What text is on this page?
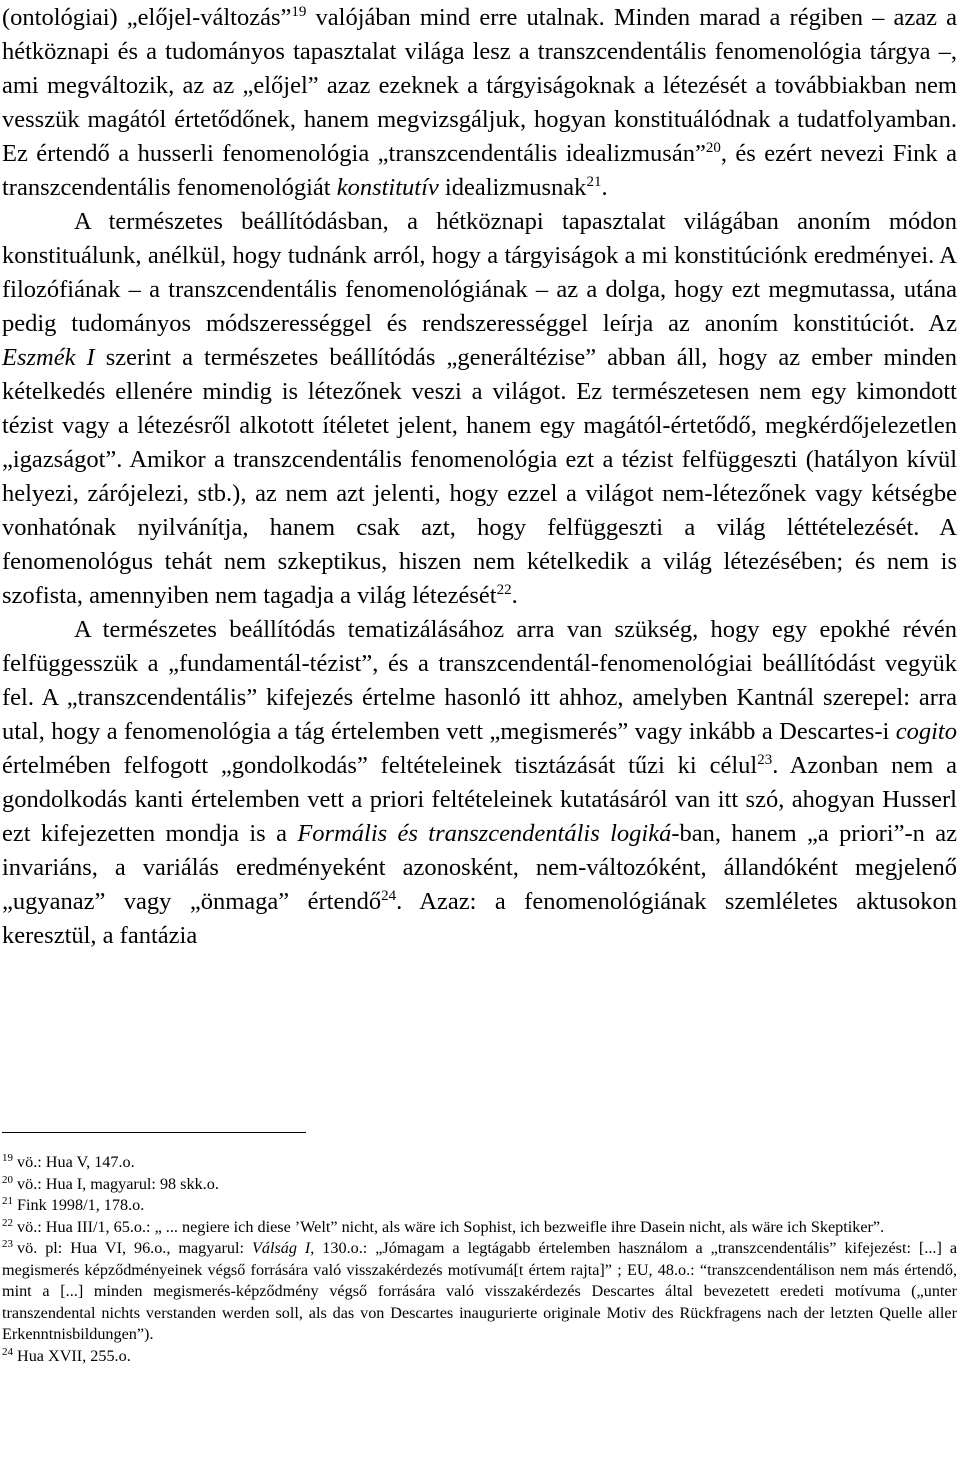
(ontológiai) „előjel-változás”$^{19}$ valójában mind erre utalnak. Minden marad a régiben – azaz a hétköznapi és a tudományos tapasztalat világa lesz a transzcendentális fenomenológia tárgya –, ami megváltozik, az az „előjel” azaz ezeknek a tárgyiságoknak a létezését a továbbiakban nem vesszük magától értetődőnek, hanem megvizsgáljuk, hogyan konstituálódnak a tudatfolyamban. Ez értendő a husserli fenomenológia „transzcendentális idealizmusán”$^{20}$, és ezért nevezi Fink a transzcendentális fenomenológiát konstitutív idealizmusnak$^{21}$.

A természetes beállítódásban, a hétköznapi tapasztalat világában anoním módon konstituálunk, anélkül, hogy tudnánk arról, hogy a tárgyiságok a mi konstitúciónk eredményei. A filozófiának – a transzcendentális fenomenológiának – az a dolga, hogy ezt megmutassa, utána pedig tudományos módszerességgel és rendszerességgel leírja az anoním konstitúciót. Az Eszmék I szerint a természetes beállítódás „generáltézise” abban áll, hogy az ember minden kételkedés ellenére mindig is létezőnek veszi a világot. Ez természetesen nem egy kimondott tézist vagy a létezésről alkotott ítéletet jelent, hanem egy magától-értetődő, megkérdőjelezetlen „igazságot”. Amikor a transzcendentális fenomenológia ezt a tézist felfüggeszti (hatályon kívül helyezi, zárójelezi, stb.), az nem azt jelenti, hogy ezzel a világot nem-létezőnek vagy kétségbe vonhatónak nyilvánítja, hanem csak azt, hogy felfüggeszti a világ léttételezését. A fenomenológus tehát nem szkeptikus, hiszen nem kételkedik a világ létezésében; és nem is szofista, amennyiben nem tagadja a világ létezését$^{22}$.

A természetes beállítódás tematizálásához arra van szükség, hogy egy epokhé révén felfüggesszük a „fundamentál-tézist”, és a transzcendentál-fenomenológiai beállítódást vegyük fel. A „transzcendentális” kifejezés értelme hasonló itt ahhoz, amelyben Kantnál szerepel: arra utal, hogy a fenomenológia a tág értelemben vett „megismerés” vagy inkább a Descartes-i cogito értelmében felfogott „gondolkodás” feltételeinek tisztázását tűzi ki célul$^{23}$. Azonban nem a gondolkodás kanti értelemben vett a priori feltételeinek kutatásáról van itt szó, ahogyan Husserl ezt kifejezetten mondja is a Formális és transzcendentális logiká-ban, hanem „a priori”-n az invariáns, a variálás eredményeként azonosként, nem-változóként, állandóként megjelenő „ugyanaz” vagy „önmaga” értendő$^{24}$. Azaz: a fenomenológiának szemléletes aktusokon keresztül, a fantázia

$^{19}$ vö.: Hua V, 147.o.

$^{20}$ vö.: Hua I, magyarul: 98 skk.o.

$^{21}$ Fink 1998/1, 178.o.

$^{22}$ vö.: Hua III/1, 65.o.: „ ... negiere ich diese ’Welt” nicht, als wäre ich Sophist, ich bezweifle ihre Dasein nicht, als wäre ich Skeptiker”.

$^{23}$ vö. pl: Hua VI, 96.o., magyarul: Válság I, 130.o.: „Jómagam a legtágabb értelemben használom a „transzcendentális” kifejezést: [...] a megismerés képződményeinek végső forrására való visszakérdezés motívumá[t értem rajta]” ; EU, 48.o.: “transzcendentálison nem más értendő, mint a [...] minden megismerés-képződmény végső forrására való visszakérdezés Descartes által bevezetett eredeti motívuma („unter transzendental nichts verstanden werden soll, als das von Descartes inaugurierte originale Motiv des Rückfragens nach der letzten Quelle aller Erkenntnisbildungen”).

$^{24}$ Hua XVII, 255.o.
